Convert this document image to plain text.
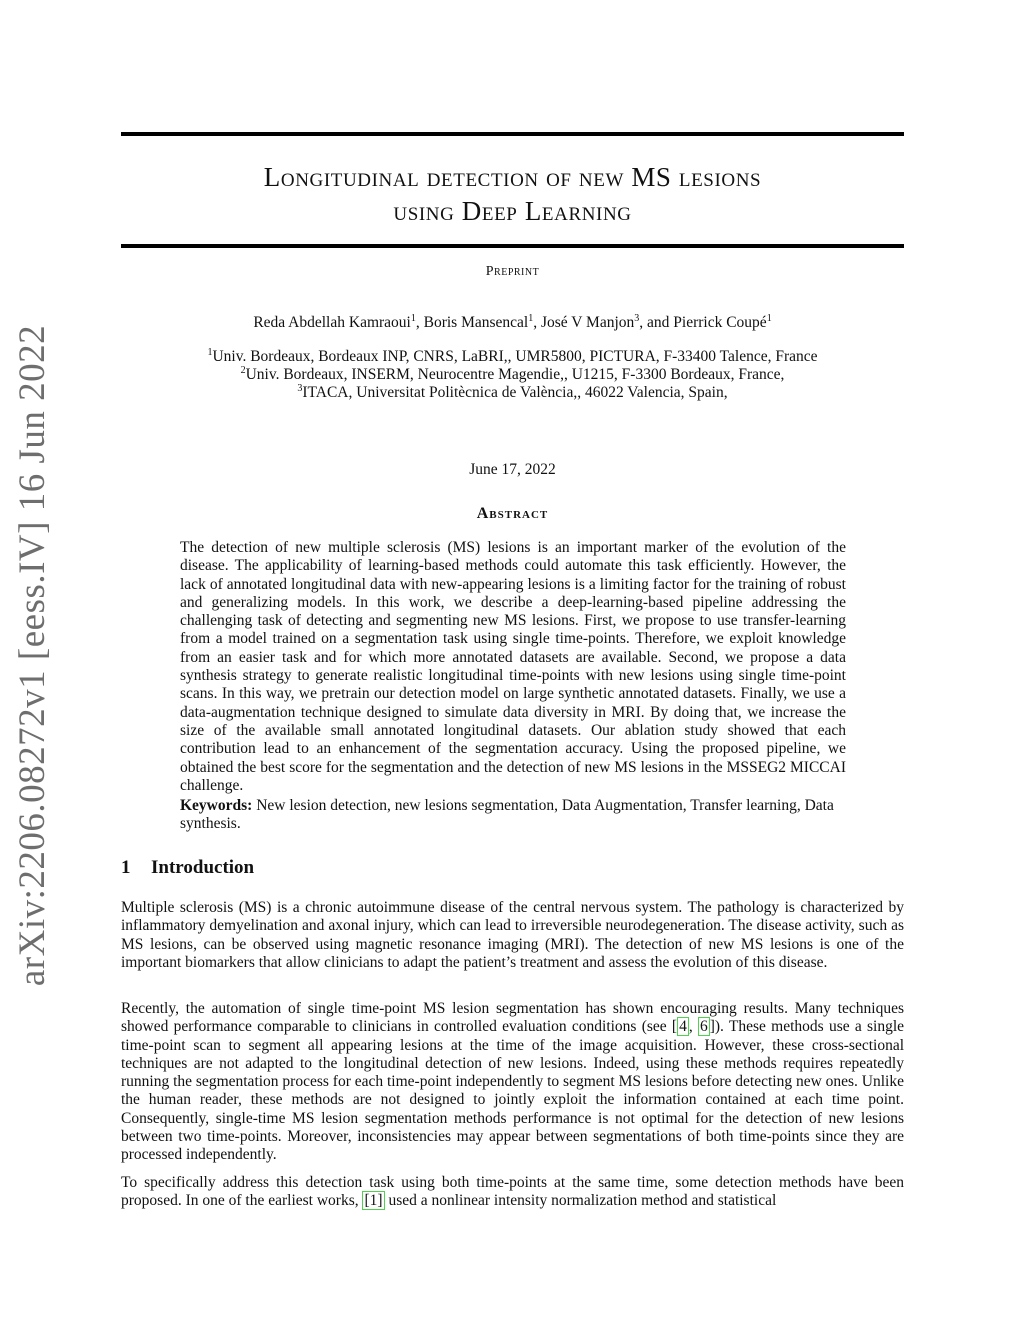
arXiv:2206.08272v1 [eess.IV] 16 Jun 2022
Longitudinal detection of new MS lesions
using Deep Learning
Preprint
Reda Abdellah Kamraoui$^1$, Boris Mansencal$^1$, José V Manjon$^3$, and Pierrick Coupé$^1$
$^1$Univ. Bordeaux, Bordeaux INP, CNRS, LaBRI,, UMR5800, PICTURA, F-33400 Talence, France
$^2$Univ. Bordeaux, INSERM, Neurocentre Magendie,, U1215, F-3300 Bordeaux, France,
$^3$ITACA, Universitat Politècnica de València,, 46022 Valencia, Spain,
June 17, 2022
Abstract

The detection of new multiple sclerosis (MS) lesions is an important marker of the evolution of the disease. The applicability of learning-based methods could automate this task efficiently. However, the lack of annotated longitudinal data with new-appearing lesions is a limiting factor for the training of robust and generalizing models. In this work, we describe a deep-learning-based pipeline addressing the challenging task of detecting and segmenting new MS lesions. First, we propose to use transfer-learning from a model trained on a segmentation task using single time-points. Therefore, we exploit knowledge from an easier task and for which more annotated datasets are available. Second, we propose a data synthesis strategy to generate realistic longitudinal time-points with new lesions using single time-point scans. In this way, we pretrain our detection model on large synthetic annotated datasets. Finally, we use a data-augmentation technique designed to simulate data diversity in MRI. By doing that, we increase the size of the available small annotated longitudinal datasets. Our ablation study showed that each contribution lead to an enhancement of the segmentation accuracy. Using the proposed pipeline, we obtained the best score for the segmentation and the detection of new MS lesions in the MSSEG2 MICCAI challenge.

Keywords: New lesion detection, new lesions segmentation, Data Augmentation, Transfer learning, Data synthesis.

1 Introduction

Multiple sclerosis (MS) is a chronic autoimmune disease of the central nervous system. The pathology is characterized by inflammatory demyelination and axonal injury, which can lead to irreversible neurodegeneration. The disease activity, such as MS lesions, can be observed using magnetic resonance imaging (MRI). The detection of new MS lesions is one of the important biomarkers that allow clinicians to adapt the patient’s treatment and assess the evolution of this disease.

Recently, the automation of single time-point MS lesion segmentation has shown encouraging results. Many techniques showed performance comparable to clinicians in controlled evaluation conditions (see [ 4 , 6 ]). These methods use a single time-point scan to segment all appearing lesions at the time of the image acquisition. However, these cross-sectional techniques are not adapted to the longitudinal detection of new lesions. Indeed, using these methods requires repeatedly running the segmentation process for each time-point independently to segment MS lesions before detecting new ones. Unlike the human reader, these methods are not designed to jointly exploit the information contained at each time point. Consequently, single-time MS lesion segmentation methods performance is not optimal for the detection of new lesions between two time-points. Moreover, inconsistencies may appear between segmentations of both time-points since they are processed independently.

To specifically address this detection task using both time-points at the same time, some detection methods have been proposed. In one of the earliest works, [1] used a nonlinear intensity normalization method and statistical
